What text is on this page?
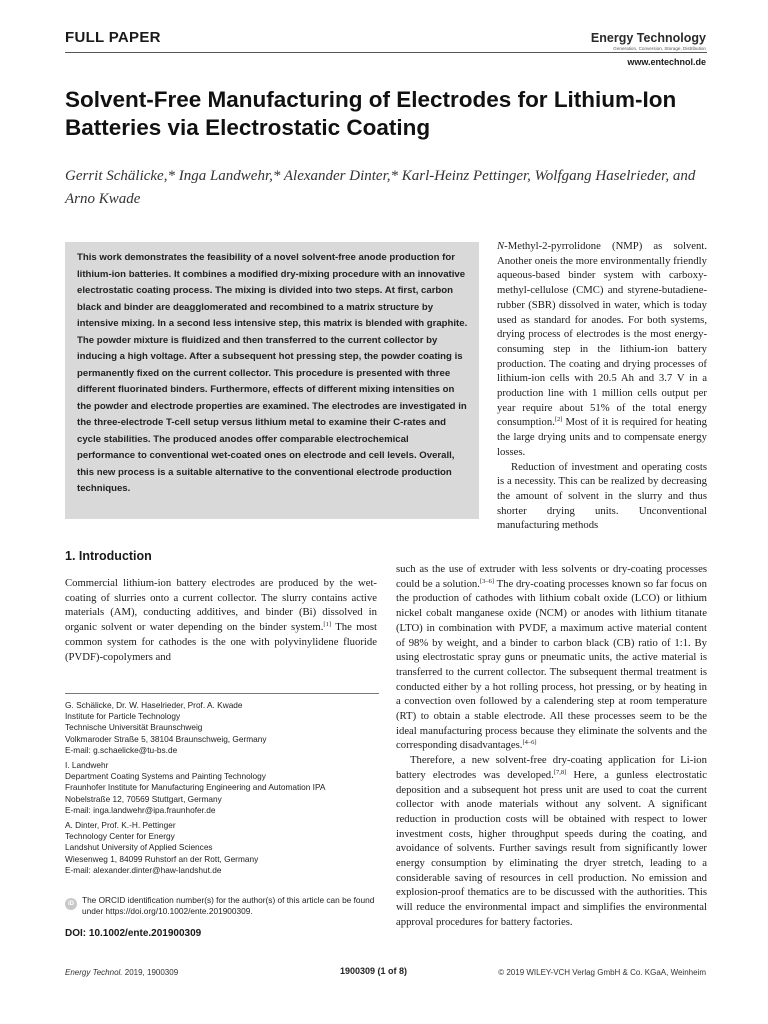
FULL PAPER	Energy Technology
Generation, Conversion, Storage, Distribution
www.entechnol.de
Solvent-Free Manufacturing of Electrodes for Lithium-Ion Batteries via Electrostatic Coating
Gerrit Schälicke,* Inga Landwehr,* Alexander Dinter,* Karl-Heinz Pettinger, Wolfgang Haselrieder, and Arno Kwade

This work demonstrates the feasibility of a novel solvent-free anode production for lithium-ion batteries. It combines a modified dry-mixing procedure with an innovative electrostatic coating process. The mixing is divided into two steps. At first, carbon black and binder are deagglomerated and recombined to a matrix structure by intensive mixing. In a second less intensive step, this matrix is blended with graphite. The powder mixture is fluidized and then transferred to the current collector by inducing a high voltage. After a subsequent hot pressing step, the powder coating is permanently fixed on the current collector. This procedure is presented with three different fluorinated binders. Furthermore, effects of different mixing intensities on the powder and electrode properties are examined. The electrodes are investigated in the three-electrode T-cell setup versus lithium metal to examine their C-rates and cycle stabilities. The produced anodes offer comparable electrochemical performance to conventional wet-coated ones on electrode and cell levels. Overall, this new process is a suitable alternative to the conventional electrode production techniques.

N-Methyl-2-pyrrolidone (NMP) as solvent. Another oneis the more environmentally friendly aqueous-based binder system with carboxy-methyl-cellulose (CMC) and styrene-butadiene-rubber (SBR) dissolved in water, which is today used as standard for anodes. For both systems, drying process of electrodes is the most energy-consuming step in the lithium-ion battery production. The coating and drying processes of lithium-ion cells with 20.5 Ah and 3.7 V in a production line with 1 million cells output per year require about 51% of the total energy consumption.[2] Most of it is required for heating the large drying units and to compensate energy losses.

Reduction of investment and operating costs is a necessity. This can be realized by decreasing the amount of solvent in the slurry and thus shorter drying units. Unconventional manufacturing methods

such as the use of extruder with less solvents or dry-coating processes could be a solution.[3–6] The dry-coating processes known so far focus on the production of cathodes with lithium cobalt oxide (LCO) or lithium nickel cobalt manganese oxide (NCM) or anodes with lithium titanate (LTO) in combination with PVDF, a maximum active material content of 98% by weight, and a binder to carbon black (CB) ratio of 1:1. By using electrostatic spray guns or pneumatic units, the active material is transferred to the current collector. The subsequent thermal treatment is conducted either by a hot rolling process, hot pressing, or by heating in a convection oven followed by a calendering step at room temperature (RT) to obtain a stable electrode. All these processes seem to be the ideal manufacturing process because they eliminate the solvents and the corresponding disadvantages.[4–6]

Therefore, a new solvent-free dry-coating application for Li-ion battery electrodes was developed.[7,8] Here, a gunless electrostatic deposition and a subsequent hot press unit are used to coat the current collector with anode materials without any solvent. A significant reduction in production costs will be obtained with respect to lower investment costs, higher throughput speeds during the coating, and avoidance of solvents. Further savings result from significantly lower energy consumption by eliminating the dryer stretch, leading to a considerable saving of resources in cell production. No emission and explosion-proof thematics are to be discussed with the authorities. This will reduce the environmental impact and simplifies the environmental approval procedures for battery factories.

1. Introduction

Commercial lithium-ion battery electrodes are produced by the wet-coating of slurries onto a current collector. The slurry contains active materials (AM), conducting additives, and binder (Bi) dissolved in organic solvent or water depending on the binder system.[1] The most common system for cathodes is the one with polyvinylidene fluoride (PVDF)-copolymers and

G. Schälicke, Dr. W. Haselrieder, Prof. A. Kwade
Institute for Particle Technology
Technische Universität Braunschweig
Volkmaroder Straße 5, 38104 Braunschweig, Germany
E-mail: g.schaelicke@tu-bs.de
I. Landwehr
Department Coating Systems and Painting Technology
Fraunhofer Institute for Manufacturing Engineering and Automation IPA
Nobelstraße 12, 70569 Stuttgart, Germany
E-mail: inga.landwehr@ipa.fraunhofer.de
A. Dinter, Prof. K.-H. Pettinger
Technology Center for Energy
Landshut University of Applied Sciences
Wiesenweg 1, 84099 Ruhstorf an der Rott, Germany
E-mail: alexander.dinter@haw-landshut.de
iD The ORCID identification number(s) for the author(s) of this article can be found under https://doi.org/10.1002/ente.201900309.
DOI: 10.1002/ente.201900309
Energy Technol. 2019, 1900309	1900309 (1 of 8)	© 2019 WILEY-VCH Verlag GmbH & Co. KGaA, Weinheim
